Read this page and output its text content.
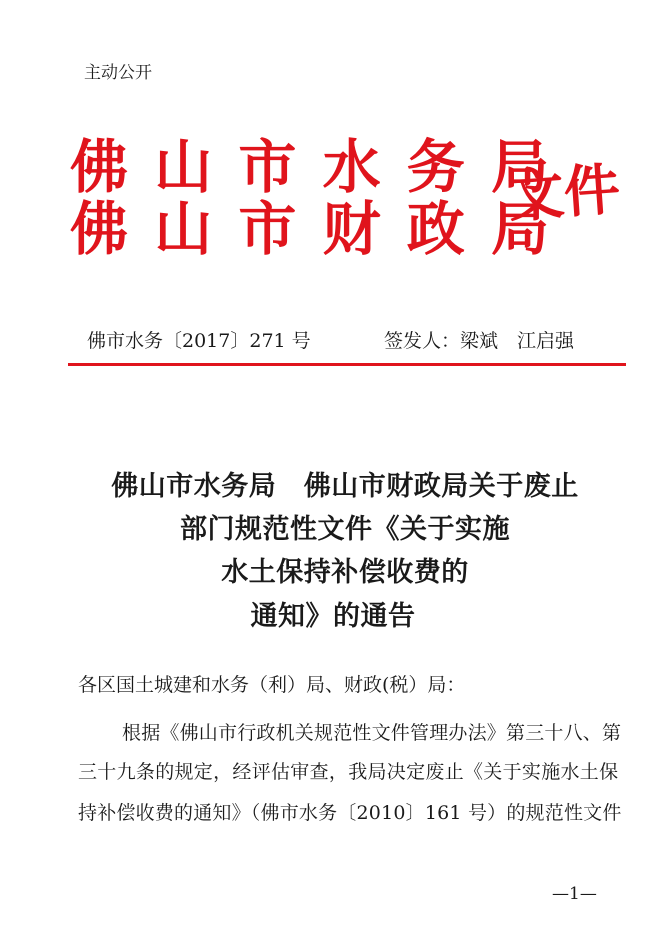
主动公开
佛 山 市 水 务 局
佛 山 市 财 政 局
文件
佛市水务〔2017〕271 号	签发人：梁斌　江启强
佛山市水务局　佛山市财政局关于废止
部门规范性文件《关于实施
水土保持补偿收费的
通知》的通告
各区国土城建和水务（利）局、财政(税）局：
根据《佛山市行政机关规范性文件管理办法》第三十八、第
三十九条的规定，经评估审查，我局决定废止《关于实施水土保
持补偿收费的通知》（佛市水务〔2010〕161 号）的规范性文件
—1—
